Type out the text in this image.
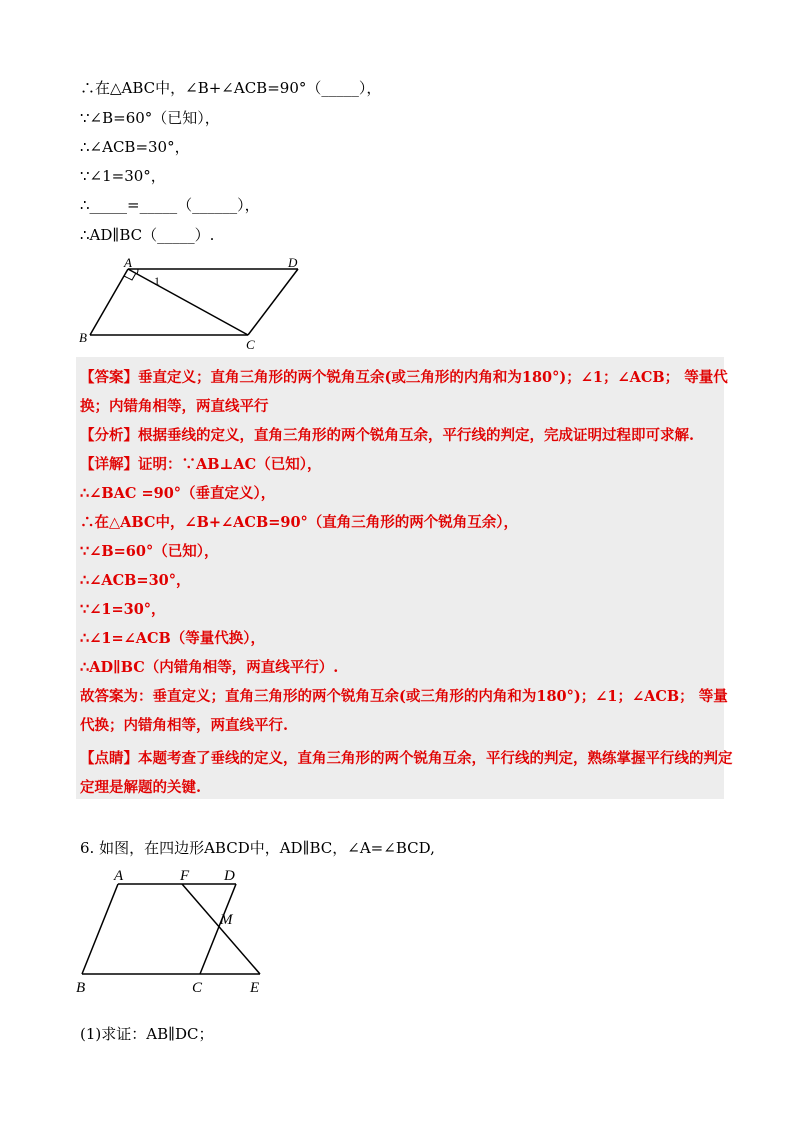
∴在△ABC中，∠B+∠ACB=90°（_____），
∵∠B=60°（已知），
∴∠ACB=30°，
∵∠1=30°，
∴_____=_____（______），
∴AD∥BC（_____）.
A	D
B	C
1
【答案】垂直定义；直角三角形的两个锐角互余(或三角形的内角和为180°)；∠1；∠ACB； 等量代
换；内错角相等，两直线平行
【分析】根据垂线的定义，直角三角形的两个锐角互余，平行线的判定，完成证明过程即可求解.
【详解】证明：∵AB⊥AC（已知），
∴∠BAC =90°（垂直定义），
∴在△ABC中，∠B+∠ACB=90°（直角三角形的两个锐角互余），
∵∠B=60°（已知），
∴∠ACB=30°，
∵∠1=30°，
∴∠1=∠ACB（等量代换），
∴AD∥BC（内错角相等，两直线平行）.
故答案为：垂直定义；直角三角形的两个锐角互余(或三角形的内角和为180°)；∠1；∠ACB； 等量
代换；内错角相等，两直线平行.
【点睛】本题考查了垂线的定义，直角三角形的两个锐角互余，平行线的判定，熟练掌握平行线的判定
定理是解题的关键.
6. 如图，在四边形ABCD中，AD∥BC，∠A=∠BCD,
A	F D
M
B	C	E
(1)求证：AB∥DC；
